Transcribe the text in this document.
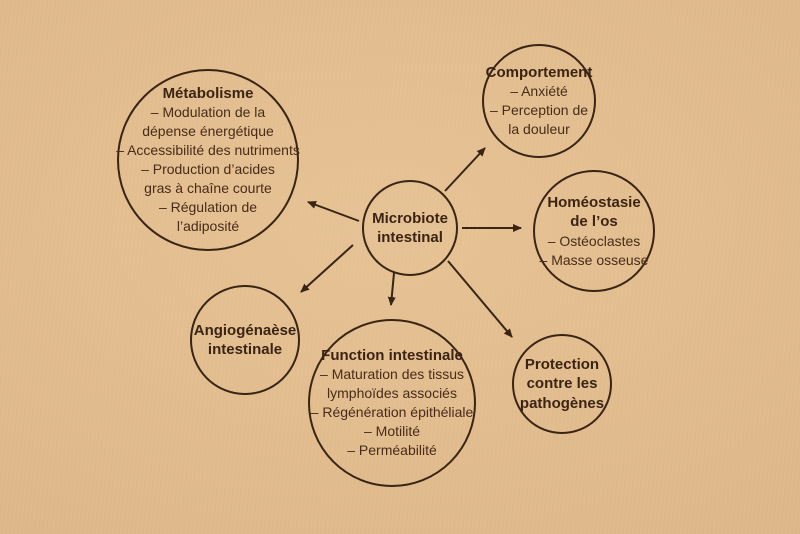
Microbiote
intestinal
Métabolisme
– Modulation de la
dépense énergétique
– Accessibilité des nutriments
– Production d’acides
gras à chaîne courte
– Régulation de
l’adiposité
Comportement
– Anxiété
– Perception de
la douleur
Homéostasie
de l’os
– Ostéoclastes
– Masse osseuse
Angiogénaèse
intestinale	Function intestinale
– Maturation des tissus
lymphoïdes associés
– Régénération épithéliale
– Motilité
– Perméabilité
Protection
contre les
pathogènes
